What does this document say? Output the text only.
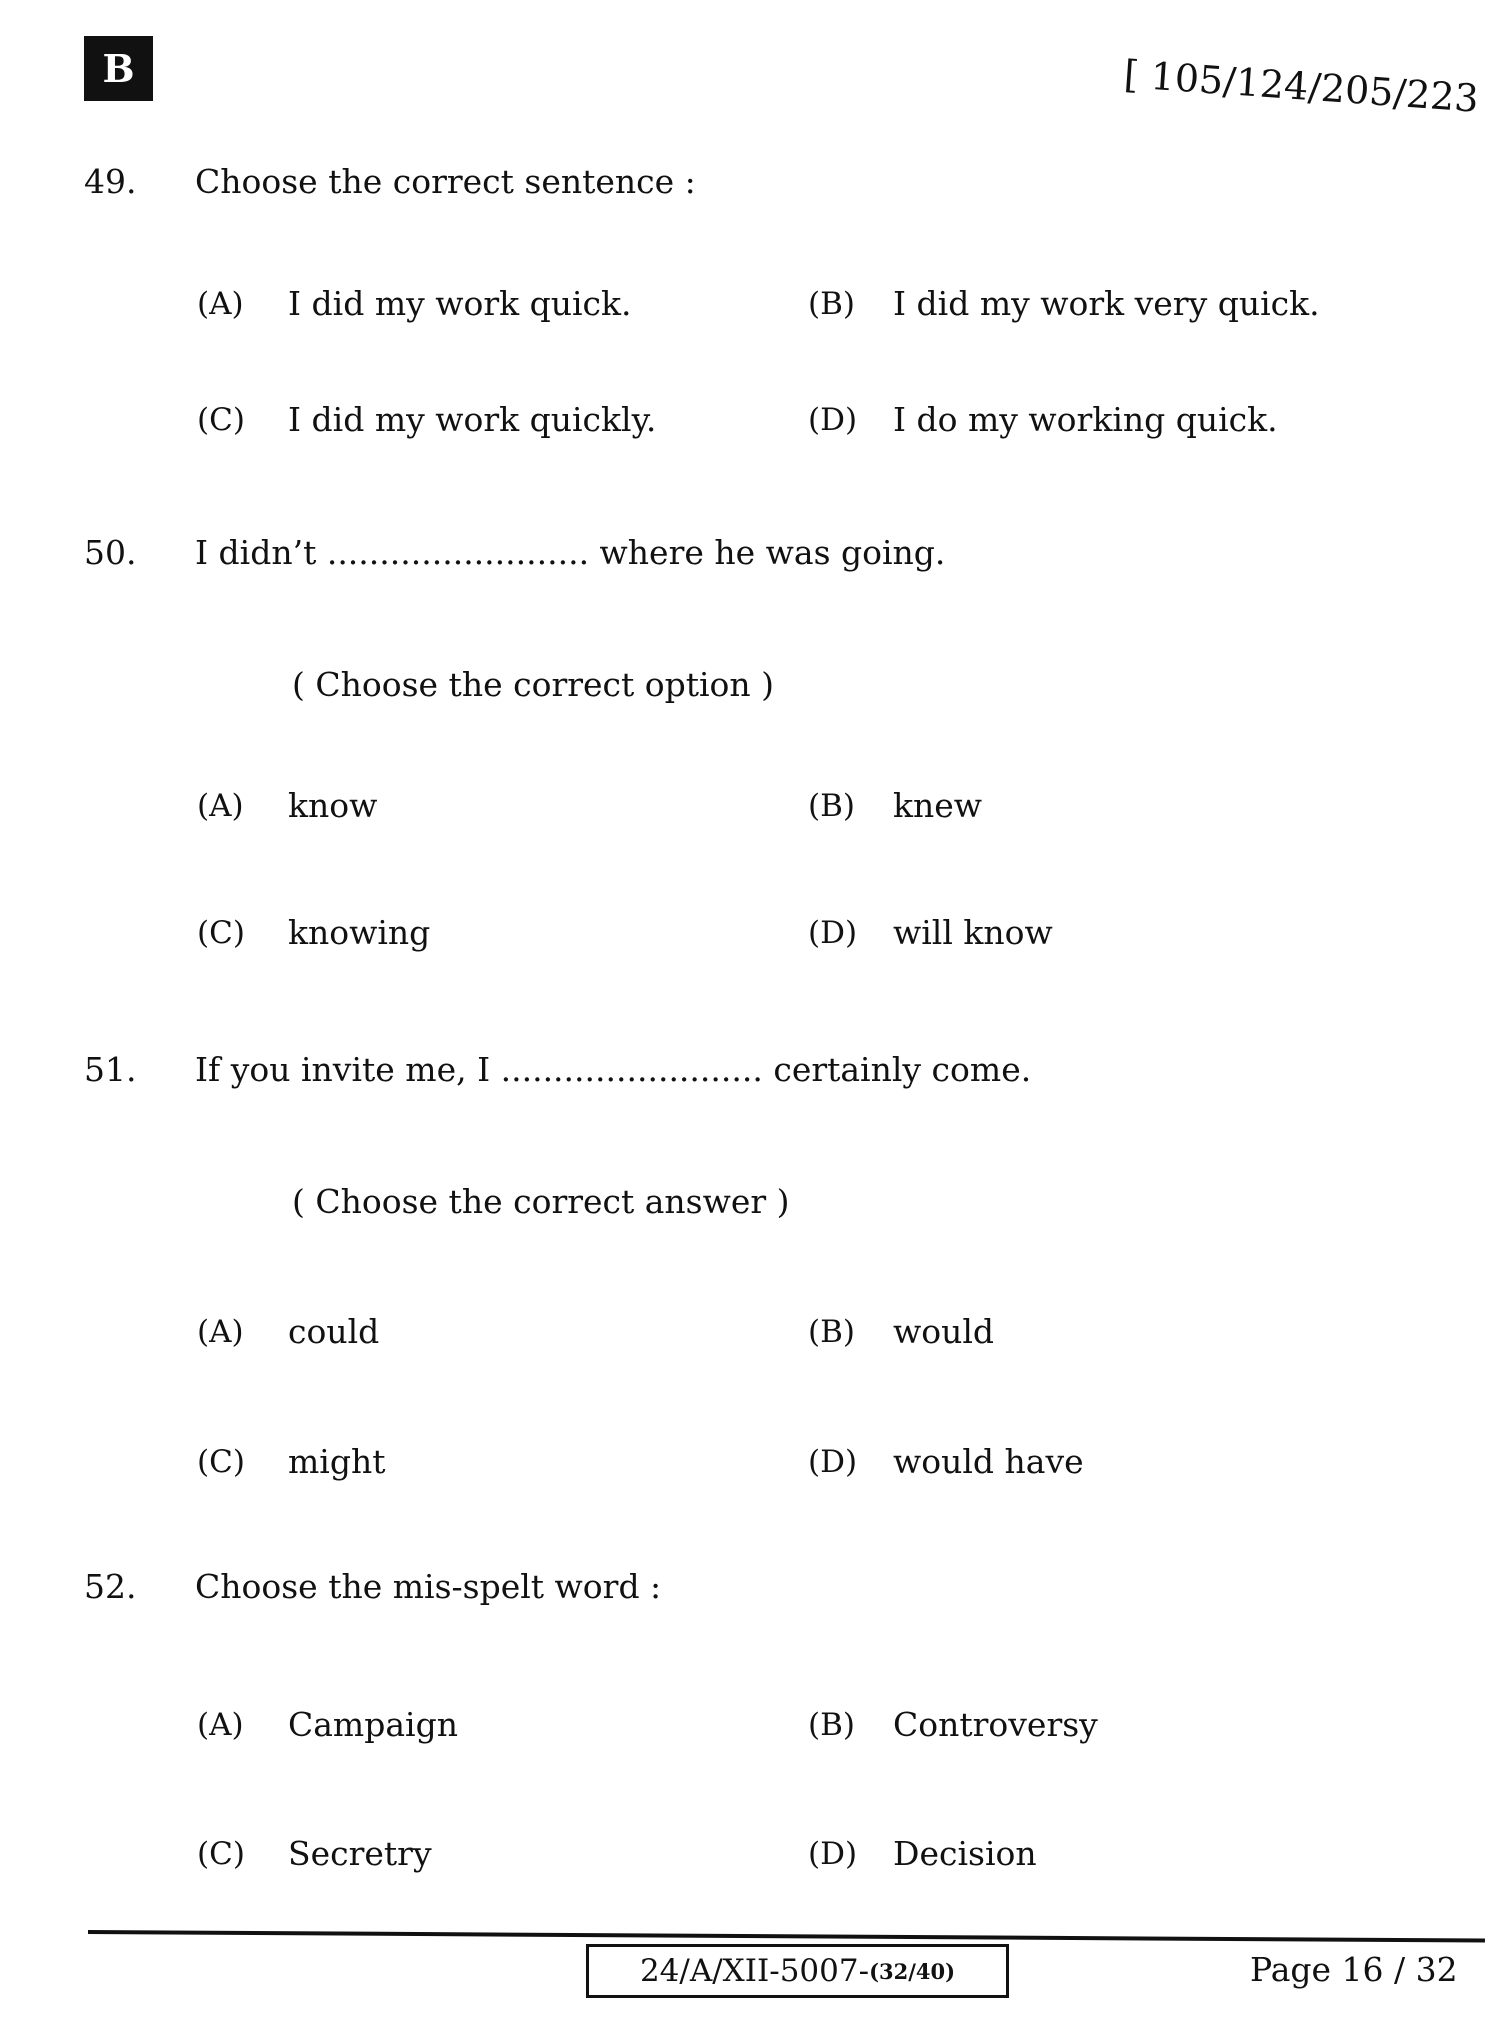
B	[ 105/124/205/223
49. Choose the correct sentence :
(A) I did my work quick.	(B) I did my work very quick.
(C) I did my work quickly.	(D) I do my working quick.
50. I didn’t ......................... where he was going.
( Choose the correct option )
(A) know	(B) knew
(C) knowing	(D) will know
51. If you invite me, I ......................... certainly come.
( Choose the correct answer )
(A) could	(B) would
(C) might	(D) would have
52. Choose the mis-spelt word :
(A) Campaign	(B) Controversy
(C) Secretry	(D) Decision
24/A/XII-5007- (32/40)	Page 16 / 32
